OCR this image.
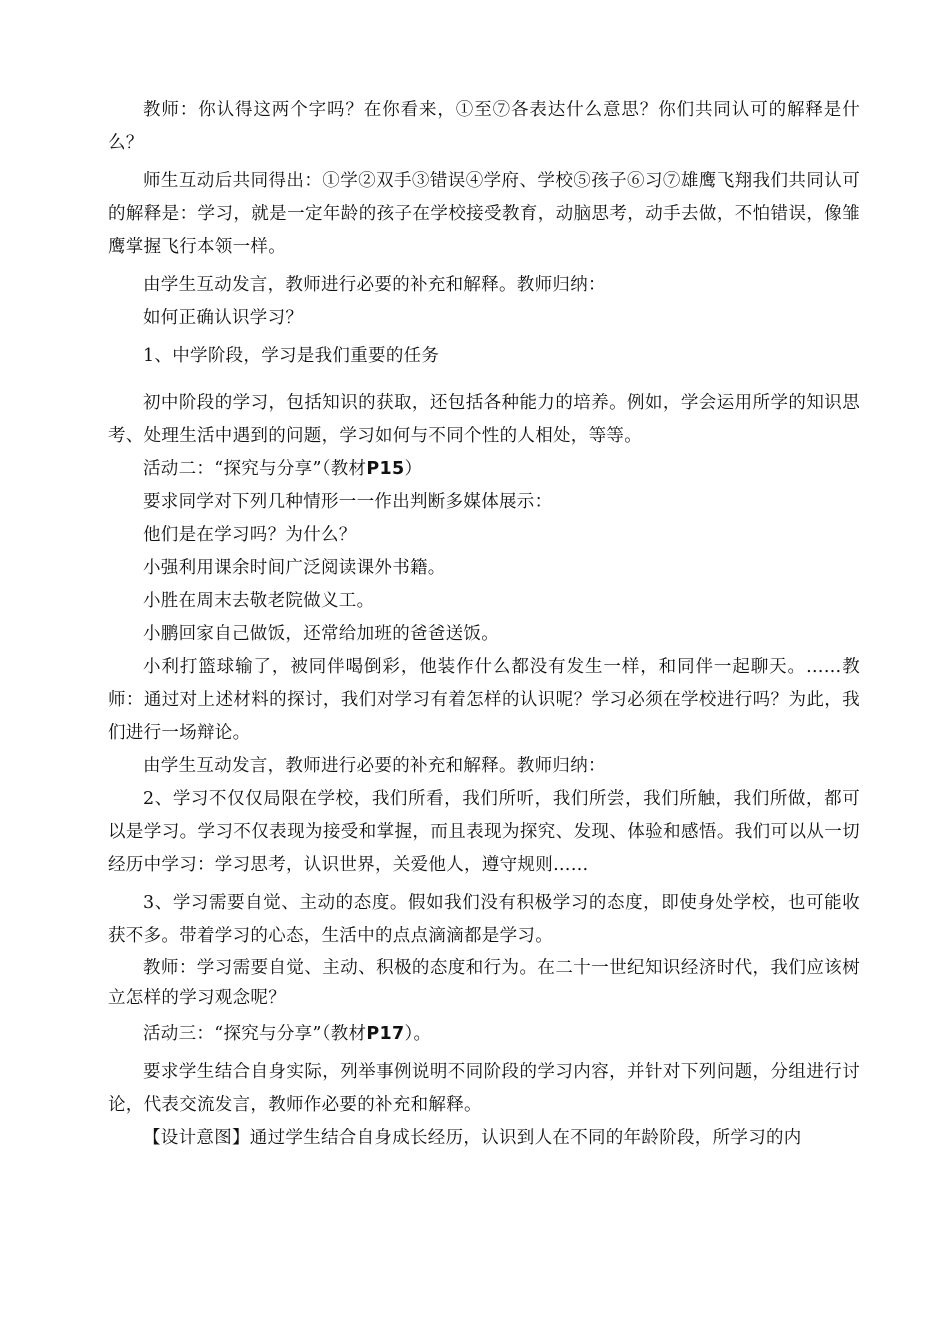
教师：你认得这两个字吗？在你看来，①至⑦各表达什么意思？你们共同认可的解释是什么？

师生互动后共同得出：①学②双手③错误④学府、学校⑤孩子⑥习⑦雄鹰飞翔我们共同认可的解释是：学习，就是一定年龄的孩子在学校接受教育，动脑思考，动手去做，不怕错误，像雏鹰掌握飞行本领一样。

由学生互动发言，教师进行必要的补充和解释。教师归纳：

如何正确认识学习？

1、中学阶段，学习是我们重要的任务

初中阶段的学习，包括知识的获取，还包括各种能力的培养。例如，学会运用所学的知识思考、处理生活中遇到的问题，学习如何与不同个性的人相处，等等。

活动二：“探究与分享”（教材P15）

要求同学对下列几种情形一一作出判断多媒体展示：

他们是在学习吗？为什么？

小强利用课余时间广泛阅读课外书籍。

小胜在周末去敬老院做义工。

小鹏回家自己做饭，还常给加班的爸爸送饭。

小利打篮球输了，被同伴喝倒彩，他装作什么都没有发生一样，和同伴一起聊天。……教师：通过对上述材料的探讨，我们对学习有着怎样的认识呢？学习必须在学校进行吗？为此，我们进行一场辩论。

由学生互动发言，教师进行必要的补充和解释。教师归纳：

2、学习不仅仅局限在学校，我们所看，我们所听，我们所尝，我们所触，我们所做，都可以是学习。学习不仅表现为接受和掌握，而且表现为探究、发现、体验和感悟。我们可以从一切经历中学习：学习思考，认识世界，关爱他人，遵守规则……

3、学习需要自觉、主动的态度。假如我们没有积极学习的态度，即使身处学校，也可能收获不多。带着学习的心态，生活中的点点滴滴都是学习。

教师：学习需要自觉、主动、积极的态度和行为。在二十一世纪知识经济时代，我们应该树立怎样的学习观念呢？

活动三：“探究与分享”（教材P17）。

要求学生结合自身实际，列举事例说明不同阶段的学习内容，并针对下列问题，分组进行讨论，代表交流发言，教师作必要的补充和解释。

【设计意图】通过学生结合自身成长经历，认识到人在不同的年龄阶段，所学习的内
